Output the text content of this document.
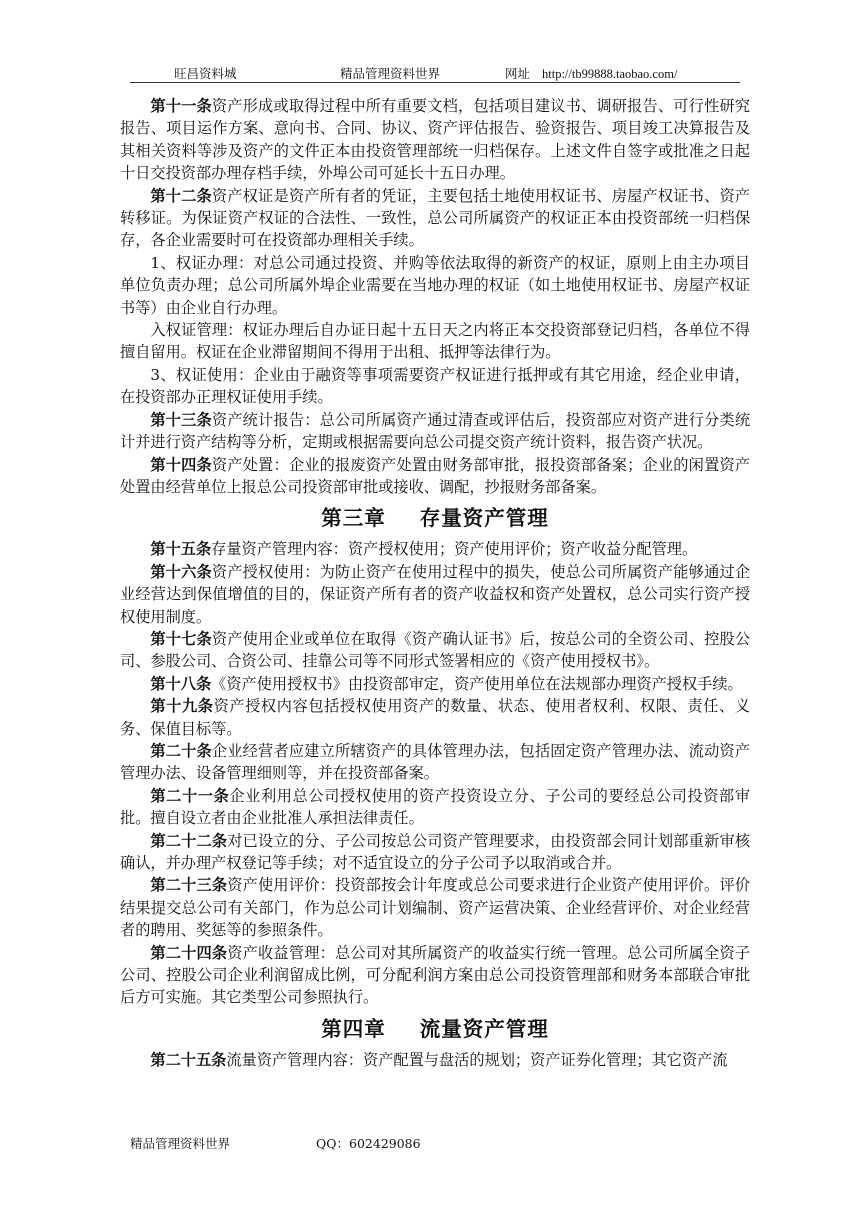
旺昌资料城	精品管理资料世界	网址 http://tb99888.taobao.com/

第十一条资产形成或取得过程中所有重要文档，包括项目建议书、调研报告、可行性研究报告、项目运作方案、意向书、合同、协议、资产评估报告、验资报告、项目竣工决算报告及其相关资料等涉及资产的文件正本由投资管理部统一归档保存。上述文件自签字或批准之日起十日交投资部办理存档手续，外埠公司可延长十五日办理。

第十二条资产权证是资产所有者的凭证，主要包括土地使用权证书、房屋产权证书、资产转移证。为保证资产权证的合法性、一致性，总公司所属资产的权证正本由投资部统一归档保存，各企业需要时可在投资部办理相关手续。

1、权证办理：对总公司通过投资、并购等依法取得的新资产的权证，原则上由主办项目单位负责办理；总公司所属外埠企业需要在当地办理的权证（如土地使用权证书、房屋产权证书等）由企业自行办理。

入权证管理：权证办理后自办证日起十五日天之内将正本交投资部登记归档，各单位不得擅自留用。权证在企业滞留期间不得用于出租、抵押等法律行为。

3、权证使用：企业由于融资等事项需要资产权证进行抵押或有其它用途，经企业申请，在投资部办正理权证使用手续。

第十三条资产统计报告：总公司所属资产通过清查或评估后，投资部应对资产进行分类统计并进行资产结构等分析，定期或根据需要向总公司提交资产统计资料，报告资产状况。

第十四条资产处置：企业的报废资产处置由财务部审批，报投资部备案；企业的闲置资产处置由经营单位上报总公司投资部审批或接收、调配，抄报财务部备案。

第三章 存量资产管理

第十五条存量资产管理内容：资产授权使用；资产使用评价；资产收益分配管理。

第十六条资产授权使用：为防止资产在使用过程中的损失，使总公司所属资产能够通过企业经营达到保值增值的目的，保证资产所有者的资产收益权和资产处置权，总公司实行资产授权使用制度。

第十七条资产使用企业或单位在取得《资产确认证书》后，按总公司的全资公司、控股公司、参股公司、合资公司、挂靠公司等不同形式签署相应的《资产使用授权书》。

第十八条《资产使用授权书》由投资部审定，资产使用单位在法规部办理资产授权手续。

第十九条资产授权内容包括授权使用资产的数量、状态、使用者权利、权限、责任、义务、保值目标等。

第二十条企业经营者应建立所辖资产的具体管理办法，包括固定资产管理办法、流动资产管理办法、设备管理细则等，并在投资部备案。

第二十一条企业利用总公司授权使用的资产投资设立分、子公司的要经总公司投资部审批。擅自设立者由企业批准人承担法律责任。

第二十二条对已设立的分、子公司按总公司资产管理要求，由投资部会同计划部重新审核确认，并办理产权登记等手续；对不适宜设立的分子公司予以取消或合并。

第二十三条资产使用评价：投资部按会计年度或总公司要求进行企业资产使用评价。评价结果提交总公司有关部门，作为总公司计划编制、资产运营决策、企业经营评价、对企业经营者的聘用、奖惩等的参照条件。

第二十四条资产收益管理：总公司对其所属资产的收益实行统一管理。总公司所属全资子公司、控股公司企业利润留成比例，可分配利润方案由总公司投资管理部和财务本部联合审批后方可实施。其它类型公司参照执行。

第四章 流量资产管理

第二十五条流量资产管理内容：资产配置与盘活的规划；资产证券化管理；其它资产流

精品管理资料世界	QQ：602429086
